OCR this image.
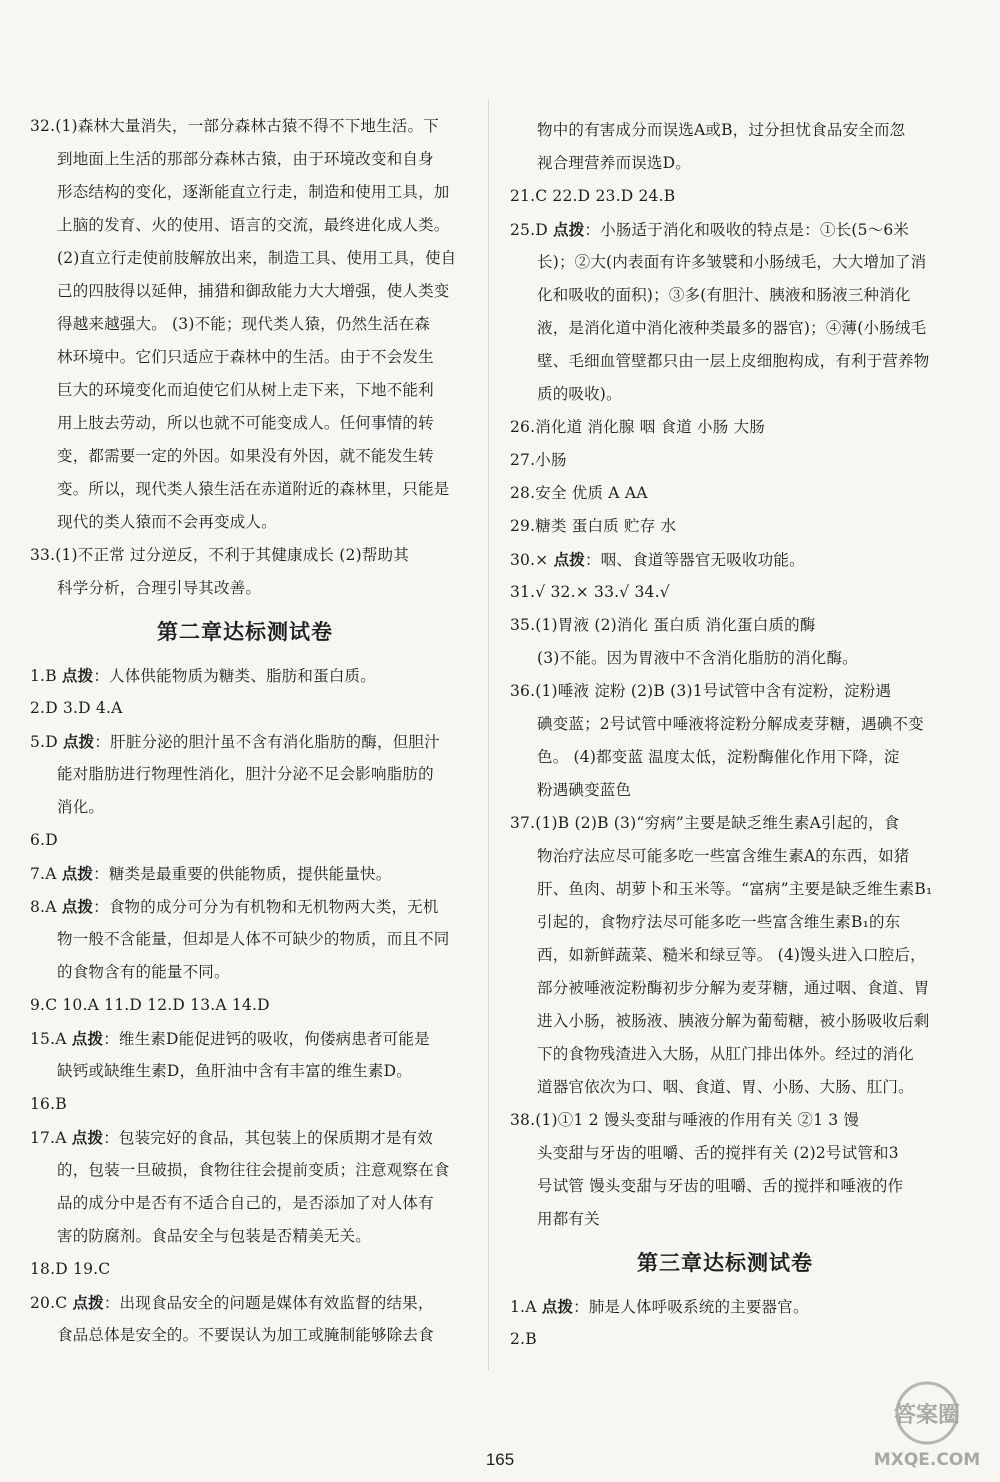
32.(1)森林大量消失，一部分森林古猿不得不下地生活。下
到地面上生活的那部分森林古猿，由于环境改变和自身
形态结构的变化，逐渐能直立行走，制造和使用工具，加
上脑的发育、火的使用、语言的交流，最终进化成人类。
(2)直立行走使前肢解放出来，制造工具、使用工具，使自
己的四肢得以延伸，捕猎和御敌能力大大增强，使人类变
得越来越强大。 (3)不能；现代类人猿，仍然生活在森
林环境中。它们只适应于森林中的生活。由于不会发生
巨大的环境变化而迫使它们从树上走下来，下地不能利
用上肢去劳动，所以也就不可能变成人。任何事情的转
变，都需要一定的外因。如果没有外因，就不能发生转
变。所以，现代类人猿生活在赤道附近的森林里，只能是
现代的类人猿而不会再变成人。
33.(1)不正常 过分逆反，不利于其健康成长 (2)帮助其
科学分析，合理引导其改善。
第二章达标测试卷
1.B 点拨：人体供能物质为糖类、脂肪和蛋白质。
2.D 3.D 4.A
5.D 点拨：肝脏分泌的胆汁虽不含有消化脂肪的酶，但胆汁
能对脂肪进行物理性消化，胆汁分泌不足会影响脂肪的
消化。
6.D
7.A 点拨：糖类是最重要的供能物质，提供能量快。
8.A 点拨：食物的成分可分为有机物和无机物两大类，无机
物一般不含能量，但却是人体不可缺少的物质，而且不同
的食物含有的能量不同。
9.C 10.A 11.D 12.D 13.A 14.D
15.A 点拨：维生素D能促进钙的吸收，佝偻病患者可能是
缺钙或缺维生素D，鱼肝油中含有丰富的维生素D。
16.B
17.A 点拨：包装完好的食品，其包装上的保质期才是有效
的，包装一旦破损，食物往往会提前变质；注意观察在食
品的成分中是否有不适合自己的，是否添加了对人体有
害的防腐剂。食品安全与包装是否精美无关。
18.D 19.C
20.C 点拨：出现食品安全的问题是媒体有效监督的结果，
食品总体是安全的。不要误认为加工或腌制能够除去食
物中的有害成分而误选A或B，过分担忧食品安全而忽
视合理营养而误选D。
21.C 22.D 23.D 24.B
25.D 点拨：小肠适于消化和吸收的特点是：①长(5～6米
长)；②大(内表面有许多皱襞和小肠绒毛，大大增加了消
化和吸收的面积)；③多(有胆汁、胰液和肠液三种消化
液，是消化道中消化液种类最多的器官)；④薄(小肠绒毛
壁、毛细血管壁都只由一层上皮细胞构成，有利于营养物
质的吸收)。
26.消化道 消化腺 咽 食道 小肠 大肠
27.小肠
28.安全 优质 A AA
29.糖类 蛋白质 贮存 水
30.× 点拨：咽、食道等器官无吸收功能。
31.√ 32.× 33.√ 34.√
35.(1)胃液 (2)消化 蛋白质 消化蛋白质的酶
(3)不能。因为胃液中不含消化脂肪的消化酶。
36.(1)唾液 淀粉 (2)B (3)1号试管中含有淀粉，淀粉遇
碘变蓝；2号试管中唾液将淀粉分解成麦芽糖，遇碘不变
色。 (4)都变蓝 温度太低，淀粉酶催化作用下降，淀
粉遇碘变蓝色
37.(1)B (2)B (3)“穷病”主要是缺乏维生素A引起的，食
物治疗法应尽可能多吃一些富含维生素A的东西，如猪
肝、鱼肉、胡萝卜和玉米等。“富病”主要是缺乏维生素B₁
引起的，食物疗法尽可能多吃一些富含维生素B₁的东
西，如新鲜蔬菜、糙米和绿豆等。 (4)馒头进入口腔后，
部分被唾液淀粉酶初步分解为麦芽糖，通过咽、食道、胃
进入小肠，被肠液、胰液分解为葡萄糖，被小肠吸收后剩
下的食物残渣进入大肠，从肛门排出体外。经过的消化
道器官依次为口、咽、食道、胃、小肠、大肠、肛门。
38.(1)①1 2 馒头变甜与唾液的作用有关 ②1 3 馒
头变甜与牙齿的咀嚼、舌的搅拌有关 (2)2号试管和3
号试管 馒头变甜与牙齿的咀嚼、舌的搅拌和唾液的作
用都有关
第三章达标测试卷
1.A 点拨：肺是人体呼吸系统的主要器官。
2.B
165
答案圈
MXQE.COM
